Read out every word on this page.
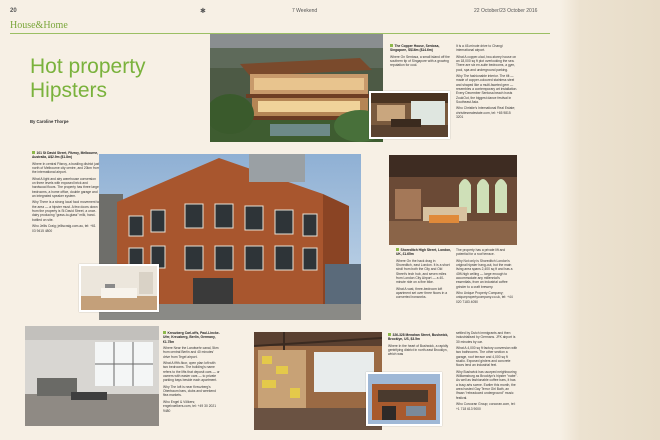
20	✱	7 Weekend	22 October/23 October 2016
House&Home
Hot property
Hipsters
By Caroline Thorpe

The Copper House, Sentosa, Singapore, S$16m ($14.6m)

Where On Sentosa, a small island off the southern tip of Singapore with a growing reputation for cool.

It is a 45-minute drive to Changi international airport.

What A copper-clad, two-storey house on an 18,000 sq ft plot overlooking the sea. There are six en-suite bedrooms, a gym, pool, spa and underground parking.

Why The fashionable interior. The tilt — made of copper-coloured stainless steel and shaped like a multi-faceted gem — resembles a contemporary art installation. Every December Sentosa beach hosts ZoukOut, the biggest dance festival in Southeast Asia.

Who Christie's International Real Estate; christiesrealestate.com, tel: +65 9815 3201

101 St David Street, Fitzroy, Melbourne, Australia, A$2.9m ($1.8m)

Where In central Fitzroy, a bustling district just north of Melbourne city centre, and 20km from the international airport.

What A light and airy warehouse conversion on three levels with exposed brick and hardwood floors. The property has three large bedrooms, a home office, double garage and an integrated speaker system.

Why There is a strong local food movement to the area — a hipster must. A few doors down from the property is St David Street, a once-dairy producing "grass-to-glass" milk, hand-bottled on site.

Who Jellis Craig; jelliscraig.com.au, tel: +61 03 9415 4800

Shoreditch High Street, London, UK, £1.65m

Where On the hack drag in Shoreditch, east London. It is a short stroll from both the City and Old Street's tech hub, and seven miles from London City Airport — a 40-minute ride on a fine bike.

What A vast, three-bedroom loft apartment set over three floors in a converted ironworks.

The property has a private lift and potential for a roof terrace.

Why Not only is Shoreditch London's original hipster hang-out, but the main living area spans 2,400 sq ft and has a 40ft-high ceiling — large enough to accommodate any millennial's essentials, from an industrial coffee grinder to a craft brewery.

Who Unique Property Company; uniquepropertycompany.co.uk, tel: +44 020 7183 4050

Kreuzberg Carl-offs, Paul-Lincke-Ufer, Kreuzberg, Berlin, Germany, €1.75m

Where Near the Landwehr canal, 5km from central Berlin and 40 minutes' drive from Tegel airport.

What A fifth-floor, open plan loft with two bedrooms. The building's name refers to the lifts that deposit cars — or owners with easier cars — to private parking bays beside each apartment.

Why The loft is near Kreuzberg's Oberbaum bars, clubs and weekend flea markets.

Who Engel & Völkers; engelvoelkers.com, tel: +49 30 2021 9480

326-328 Menahan Street, Bushwick, Brooklyn, US, $3.5m

Where In the heart of Bushwick, a rapidly gentrifying district in north-east Brooklyn, which was

settled by Dutch immigrants and then industrialised by Germans. JFK airport is 30 minutes by car.

What A 4,000 sq ft factory conversion with two bathrooms. The other section a garage, roof terrace and 4,000 sq ft studio. Exposed girders and concrete floors lend an industrial feel.

Why Bushwick has usurped neighbouring Williamsburg as Brooklyn's hipster "nabe". As well as fashionable coffee bars, it has a busy arts scene. Earlier this month, the area hosted Gay Terror Girl Bath, an Ifraan "rebraduced underground" music festival.

Who Corcoran Group; corcoran.com, tel: +1 718 613 9000
